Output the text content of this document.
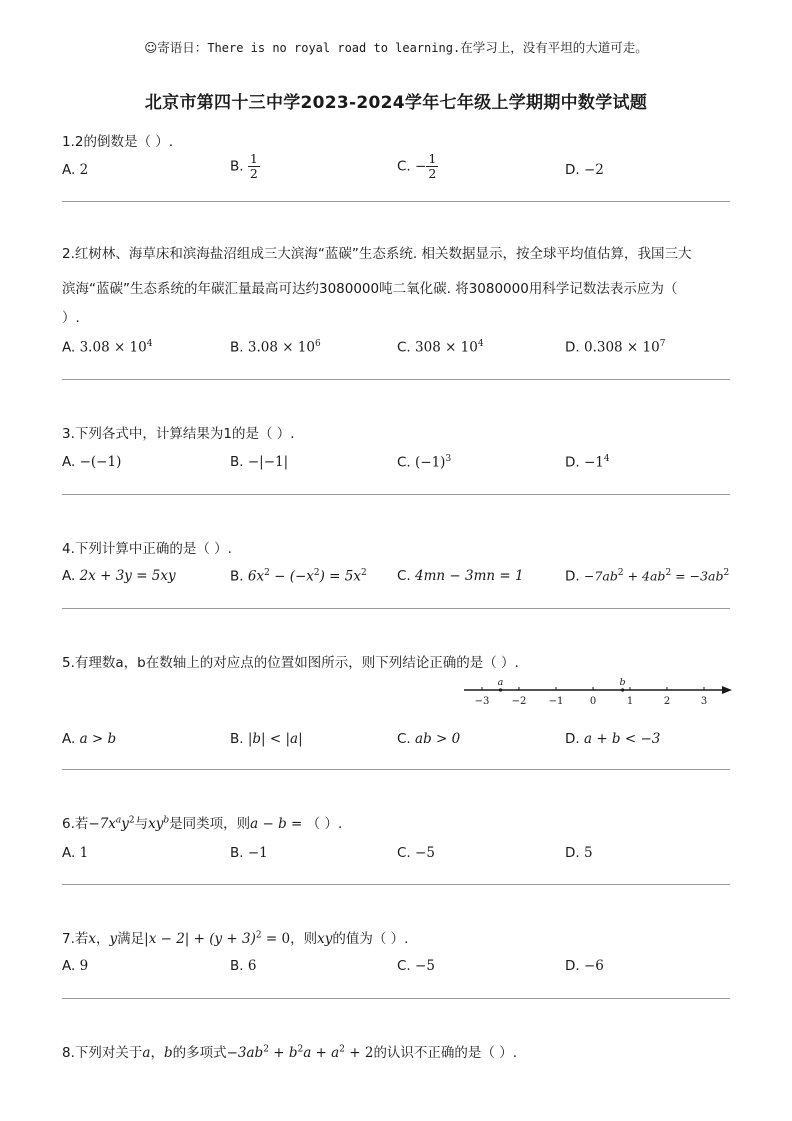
☺寄语日：There is no royal road to learning.在学习上，没有平坦的大道可走。
北京市第四十三中学2023-2024学年七年级上学期期中数学试题
1.2的倒数是（ ）.
A. 2	B. $\frac{1}{2}$	C. − $\frac{1}{2}$	D. −2
2.红树林、海草床和滨海盐沼组成三大滨海“蓝碳”生态系统. 相关数据显示，按全球平均值估算，我国三大
滨海“蓝碳”生态系统的年碳汇量最高可达约3080000吨二氧化碳. 将3080000用科学记数法表示应为（
）.
A. $3.08 \times 10^4$	B. $3.08 \times 10^6$	C. $308 \times 10^4$	D. $0.308 \times 10^7$
3.下列各式中，计算结果为1的是（ ）.
A. −(−1)	B. −|−1|	C. $(-1)^3$	D. $-1^4$
4.下列计算中正确的是（ ）.
A. 2x + 3y = 5xy	B. $6x^2 - (-x^2) = 5x^2$ C. 4mn − 3mn = 1	D. $-7ab^2 + 4ab^2 = -3ab^2$
5.有理数a，b在数轴上的对应点的位置如图所示，则下列结论正确的是（ ）.
−3 −2 −1	0	1	2	3
a	b
A. a > b	B. |b| < |a|	C. ab > 0	D. a + b < −3
6.若$-7x^ay^2$与$xy^b$是同类项，则a − b = （ ）.
A. 1	B. −1	C. −5	D. 5
7.若x，y满足$|x - 2| + (y + 3)^2 = 0$，则xy的值为（ ）.
A. 9	B. 6	C. −5	D. −6
8.下列对关于a，b的多项式$-3ab^2 + b^2a + a^2 + 2$的认识不正确的是（ ）.
